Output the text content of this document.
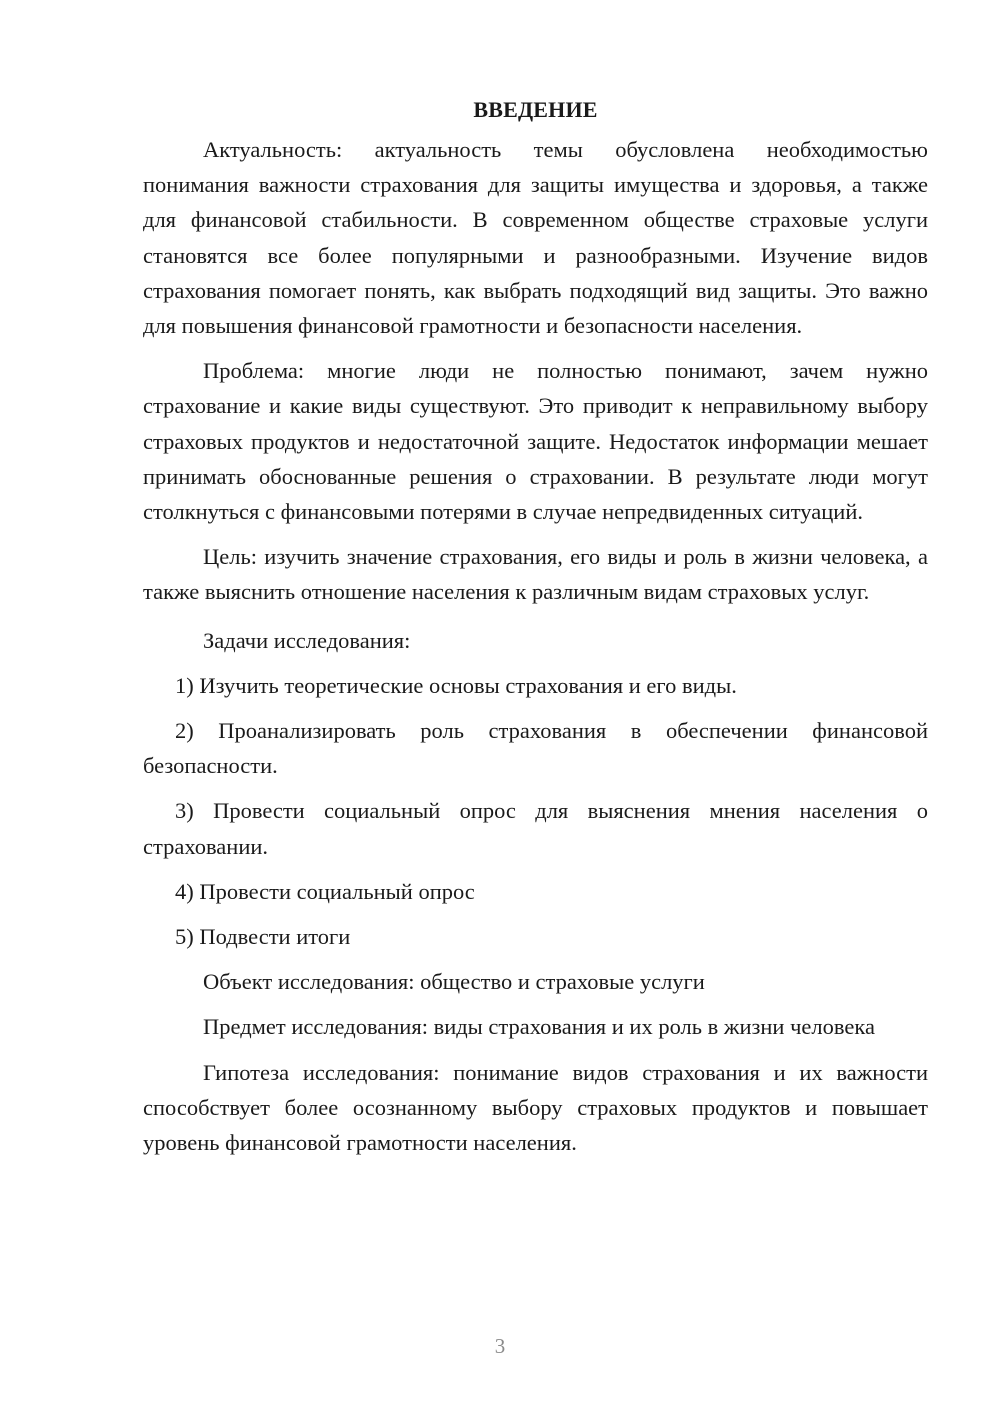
ВВЕДЕНИЕ

Актуальность: актуальность темы обусловлена необходимостью понимания важности страхования для защиты имущества и здоровья, а также для финансовой стабильности. В современном обществе страховые услуги становятся все более популярными и разнообразными. Изучение видов страхования помогает понять, как выбрать подходящий вид защиты. Это важно для повышения финансовой грамотности и безопасности населения.

Проблема: многие люди не полностью понимают, зачем нужно страхование и какие виды существуют. Это приводит к неправильному выбору страховых продуктов и недостаточной защите. Недостаток информации мешает принимать обоснованные решения о страховании. В результате люди могут столкнуться с финансовыми потерями в случае непредвиденных ситуаций.

Цель: изучить значение страхования, его виды и роль в жизни человека, а также выяснить отношение населения к различным видам страховых услуг.

Задачи исследования:

1) Изучить теоретические основы страхования и его виды.

2) Проанализировать роль страхования в обеспечении финансовой безопасности.

3) Провести социальный опрос для выяснения мнения населения о страховании.

4) Провести социальный опрос

5) Подвести итоги

Объект исследования: общество и страховые услуги

Предмет исследования: виды страхования и их роль в жизни человека

Гипотеза исследования: понимание видов страхования и их важности способствует более осознанному выбору страховых продуктов и повышает уровень финансовой грамотности населения.

3
